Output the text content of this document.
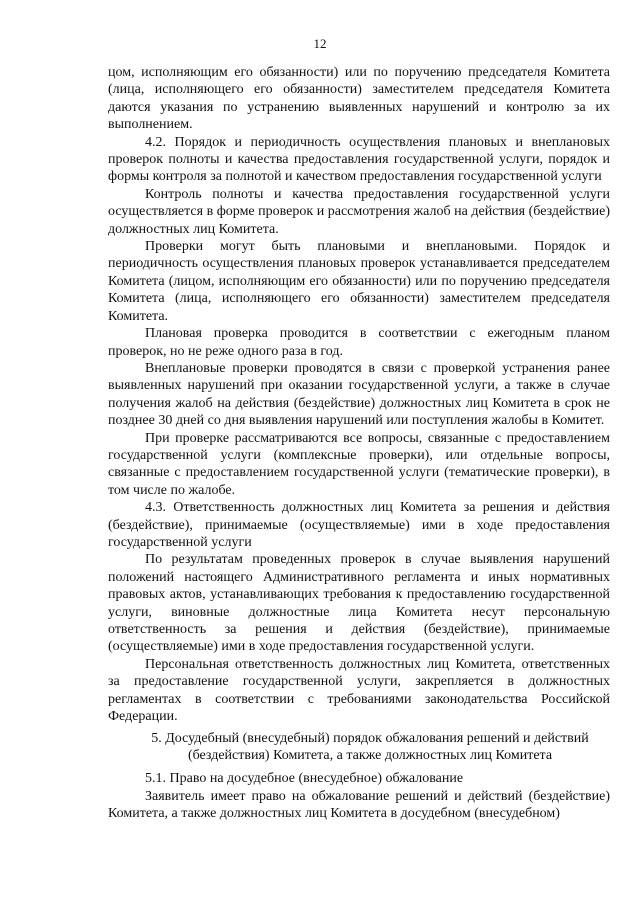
12

цом, исполняющим его обязанности) или по поручению председателя Комитета (лица, исполняющего его обязанности) заместителем председателя Комитета даются указания по устранению выявленных нарушений и контролю за их выполнением.

4.2. Порядок и периодичность осуществления плановых и внеплановых проверок полноты и качества предоставления государственной услуги, порядок и формы контроля за полнотой и качеством предоставления государственной услуги

Контроль полноты и качества предоставления государственной услуги осуществляется в форме проверок и рассмотрения жалоб на действия (бездействие) должностных лиц Комитета.

Проверки могут быть плановыми и внеплановыми. Порядок и периодичность осуществления плановых проверок устанавливается председателем Комитета (лицом, исполняющим его обязанности) или по поручению председателя Комитета (лица, исполняющего его обязанности) заместителем председателя Комитета.

Плановая проверка проводится в соответствии с ежегодным планом проверок, но не реже одного раза в год.

Внеплановые проверки проводятся в связи с проверкой устранения ранее выявленных нарушений при оказании государственной услуги, а также в случае получения жалоб на действия (бездействие) должностных лиц Комитета в срок не позднее 30 дней со дня выявления нарушений или поступления жалобы в Комитет.

При проверке рассматриваются все вопросы, связанные с предоставлением государственной услуги (комплексные проверки), или отдельные вопросы, связанные с предоставлением государственной услуги (тематические проверки), в том числе по жалобе.

4.3. Ответственность должностных лиц Комитета за решения и действия (бездействие), принимаемые (осуществляемые) ими в ходе предоставления государственной услуги

По результатам проведенных проверок в случае выявления нарушений положений настоящего Административного регламента и иных нормативных правовых актов, устанавливающих требования к предоставлению государственной услуги, виновные должностные лица Комитета несут персональную ответственность за решения и действия (бездействие), принимаемые (осуществляемые) ими в ходе предоставления государственной услуги.

Персональная ответственность должностных лиц Комитета, ответственных за предоставление государственной услуги, закрепляется в должностных регламентах в соответствии с требованиями законодательства Российской Федерации.

5. Досудебный (внесудебный) порядок обжалования решений и действий (бездействия) Комитета, а также должностных лиц Комитета

5.1. Право на досудебное (внесудебное) обжалование

Заявитель имеет право на обжалование решений и действий (бездействие) Комитета, а также должностных лиц Комитета в досудебном (внесудебном)
